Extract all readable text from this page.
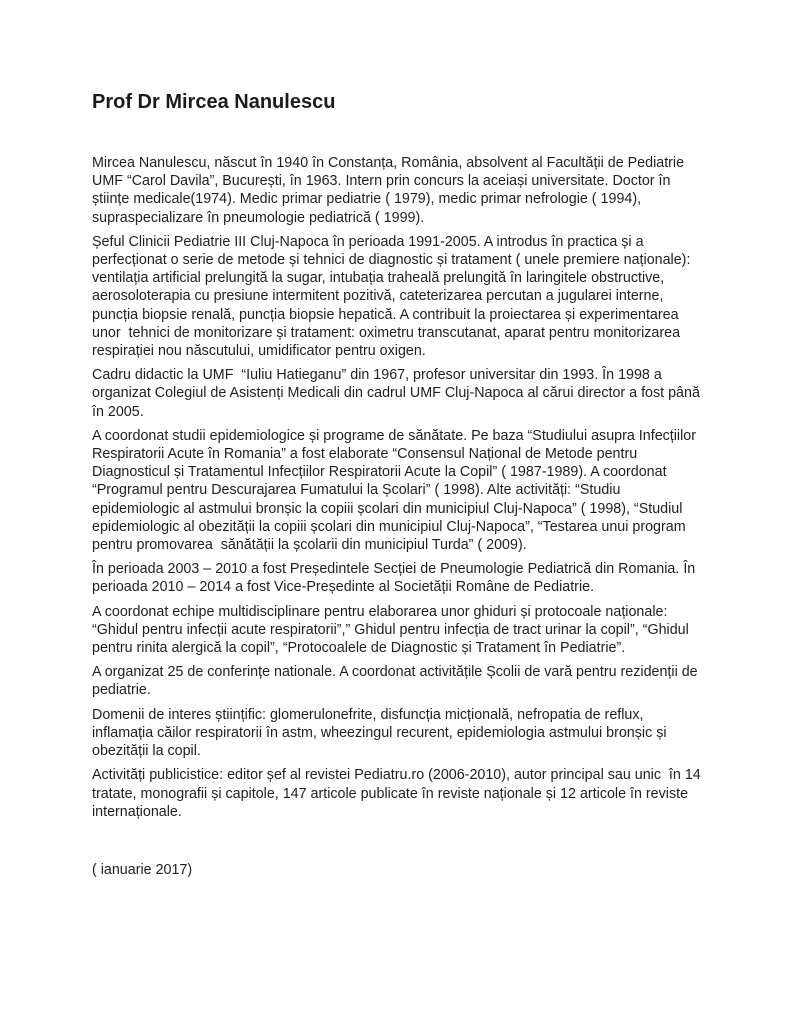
Prof Dr Mircea Nanulescu

Mircea Nanulescu, născut în 1940 în Constanța, România, absolvent al Facultății de Pediatrie UMF “Carol Davila”, București, în 1963. Intern prin concurs la aceiași universitate. Doctor în științe medicale(1974). Medic primar pediatrie ( 1979), medic primar nefrologie ( 1994), supraspecializare în pneumologie pediatrică ( 1999).

Șeful Clinicii Pediatrie III Cluj-Napoca în perioada 1991-2005. A introdus în practica și a perfecționat o serie de metode și tehnici de diagnostic și tratament ( unele premiere naționale): ventilația artificial prelungită la sugar, intubația traheală prelungită în laringitele obstructive, aerosoloterapia cu presiune intermitent pozitivă, cateterizarea percutan a jugularei interne, puncția biopsie renală, puncția biopsie hepatică. A contribuit la proiectarea și experimentarea unor  tehnici de monitorizare și tratament: oximetru transcutanat, aparat pentru monitorizarea respirației nou născutului, umidificator pentru oxigen.

Cadru didactic la UMF  “Iuliu Hatieganu” din 1967, profesor universitar din 1993. În 1998 a organizat Colegiul de Asistenți Medicali din cadrul UMF Cluj-Napoca al cărui director a fost până în 2005.

A coordonat studii epidemiologice și programe de sănătate. Pe baza “Studiului asupra Infecțiilor Respiratorii Acute în Romania” a fost elaborate “Consensul Național de Metode pentru Diagnosticul și Tratamentul Infecțiilor Respiratorii Acute la Copil” ( 1987-1989). A coordonat “Programul pentru Descurajarea Fumatului la Școlari” ( 1998). Alte activități: “Studiu epidemiologic al astmului bronșic la copiii școlari din municipiul Cluj-Napoca” ( 1998), “Studiul epidemiologic al obezității la copiii școlari din municipiul Cluj-Napoca”, “Testarea unui program pentru promovarea  sănătății la școlarii din municipiul Turda” ( 2009).

În perioada 2003 – 2010 a fost Președintele Secției de Pneumologie Pediatrică din Romania. În perioada 2010 – 2014 a fost Vice-Președinte al Societății Române de Pediatrie.

A coordonat echipe multidisciplinare pentru elaborarea unor ghiduri și protocoale naționale: “Ghidul pentru infecții acute respiratorii”,” Ghidul pentru infecția de tract urinar la copil”, “Ghidul pentru rinita alergică la copil”, “Protocoalele de Diagnostic și Tratament în Pediatrie”.

A organizat 25 de conferințe nationale. A coordonat activitățile Școlii de vară pentru rezidenții de pediatrie.

Domenii de interes științific: glomerulonefrite, disfuncția micțională, nefropatia de reflux, inflamația căilor respiratorii în astm, wheezingul recurent, epidemiologia astmului bronșic și obezității la copil.

Activități publicistice: editor șef al revistei Pediatru.ro (2006-2010), autor principal sau unic  în 14 tratate, monografii și capitole, 147 articole publicate în reviste naționale și 12 articole în reviste internaționale.

( ianuarie 2017)
